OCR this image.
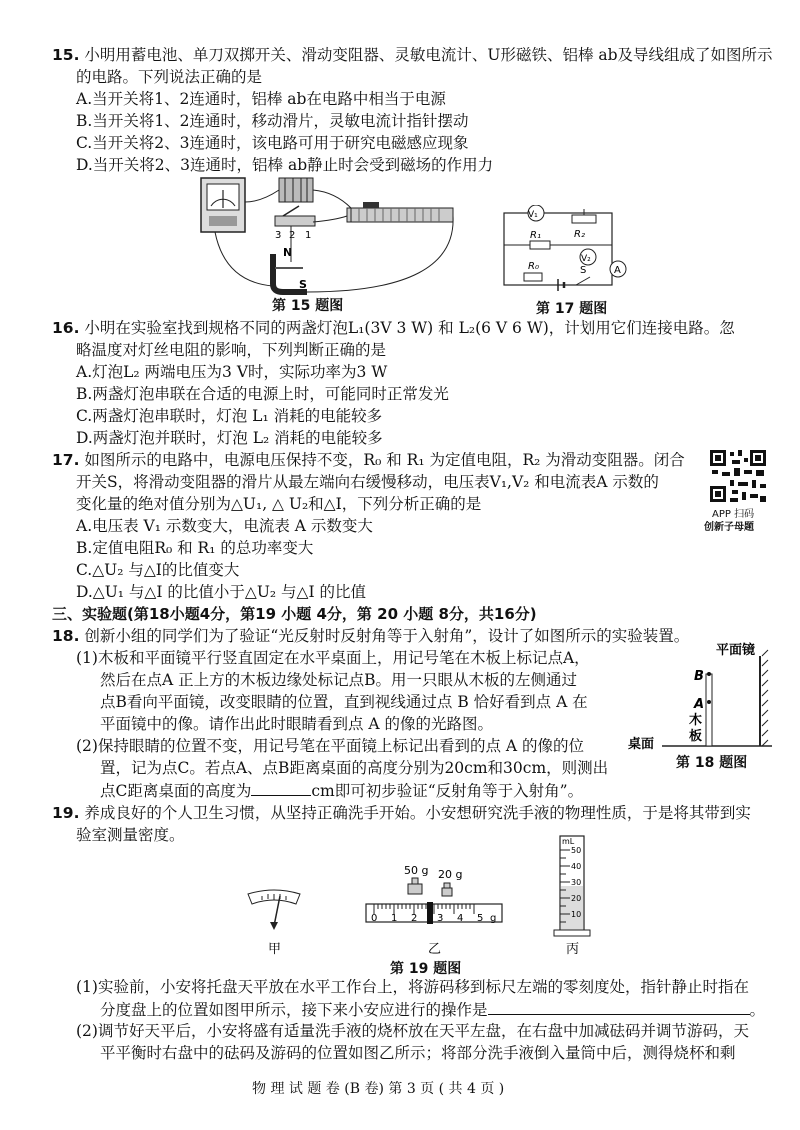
15. 小明用蓄电池、单刀双掷开关、滑动变阻器、灵敏电流计、U形磁铁、铝棒 ab及导线组成了如图所示
的电路。下列说法正确的是
A.当开关将1、2连通时，铝棒 ab在电路中相当于电源
B.当开关将1、2连通时，移动滑片，灵敏电流计指针摆动
C.当开关将2、3连通时，该电路可用于研究电磁感应现象
D.当开关将2、3连通时，铝棒 ab静止时会受到磁场的作用力
3 2 1
N
S
第 15 题图
V₁
R₁	R₂
V₂
R₀	S	A
第 17 题图
16. 小明在实验室找到规格不同的两盏灯泡L₁(3V 3 W) 和 L₂(6 V 6 W)，计划用它们连接电路。忽
略温度对灯丝电阻的影响，下列判断正确的是
A.灯泡L₂ 两端电压为3 V时，实际功率为3 W
B.两盏灯泡串联在合适的电源上时，可能同时正常发光
C.两盏灯泡串联时，灯泡 L₁ 消耗的电能较多
D.两盏灯泡并联时，灯泡 L₂ 消耗的电能较多
17. 如图所示的电路中，电源电压保持不变，R₀ 和 R₁ 为定值电阻，R₂ 为滑动变阻器。闭合
开关S，将滑动变阻器的滑片从最左端向右缓慢移动，电压表V₁,V₂ 和电流表A 示数的
变化量的绝对值分别为△U₁, △ U₂和△I，下列分析正确的是
A.电压表 V₁ 示数变大，电流表 A 示数变大
B.定值电阻R₀ 和 R₁ 的总功率变大
C.△U₂ 与△I的比值变大
D.△U₁ 与△I 的比值小于△U₂ 与△I 的比值
APP 扫码
创新子母题
三、实验题(第18小题4分，第19 小题 4分，第 20 小题 8分，共16分)
18. 创新小组的同学们为了验证“光反射时反射角等于入射角”，设计了如图所示的实验装置。
(1)木板和平面镜平行竖直固定在水平桌面上，用记号笔在木板上标记点A，
然后在点A 正上方的木板边缘处标记点B。用一只眼从木板的左侧通过
点B看向平面镜，改变眼睛的位置，直到视线通过点 B 恰好看到点 A 在
平面镜中的像。请作出此时眼睛看到点 A 的像的光路图。
(2)保持眼睛的位置不变，用记号笔在平面镜上标记出看到的点 A 的像的位
置，记为点C。若点A、点B距离桌面的高度分别为20cm和30cm，则测出
点C距离桌面的高度为	cm即可初步验证“反射角等于入射角”。
B
A
木
板
平面镜
桌面
第 18 题图
19. 养成良好的个人卫生习惯，从坚持正确洗手开始。小安想研究洗手液的物理性质，于是将其带到实
验室测量密度。
50 g 20 g
0 1 2 3 4 5 g
mL
50
40
30
20
10
甲	乙	丙
第 19 题图
(1)实验前，小安将托盘天平放在水平工作台上，将游码移到标尺左端的零刻度处，指针静止时指在
分度盘上的位置如图甲所示，接下来小安应进行的操作是	。
(2)调节好天平后，小安将盛有适量洗手液的烧杯放在天平左盘，在右盘中加减砝码并调节游码，天
平平衡时右盘中的砝码及游码的位置如图乙所示；将部分洗手液倒入量筒中后，测得烧杯和剩
物 理 试 题 卷 (B 卷) 第 3 页 ( 共 4 页 )
